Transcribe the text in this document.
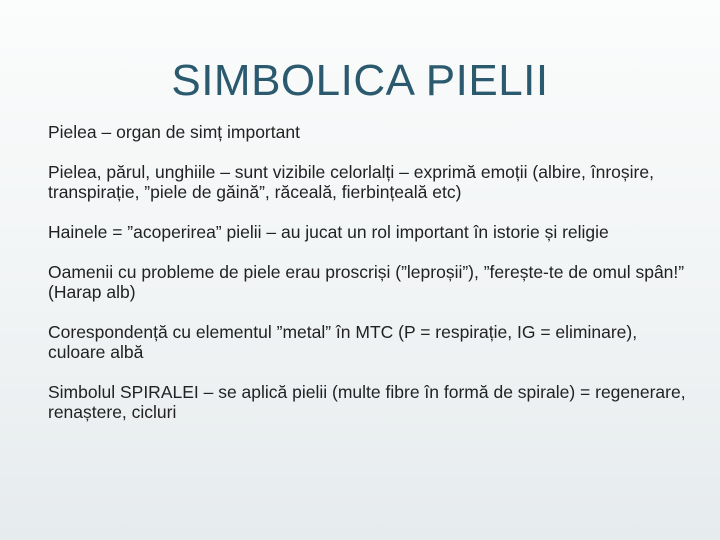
SIMBOLICA PIELII
Pielea – organ de simț important
Pielea, părul, unghiile – sunt vizibile celorlalți – exprimă emoții (albire, înroșire, transpirație, ”piele de găină”, răceală, fierbințeală etc)
Hainele = ”acoperirea” pielii – au jucat un rol important în istorie și religie
Oamenii cu probleme de piele erau proscriși (”leproșii”), ”ferește-te de omul spân!” (Harap alb)
Corespondență cu elementul ”metal” în MTC (P = respirație, IG = eliminare), culoare albă
Simbolul SPIRALEI – se aplică pielii (multe fibre în formă de spirale) = regenerare, renaștere, cicluri
